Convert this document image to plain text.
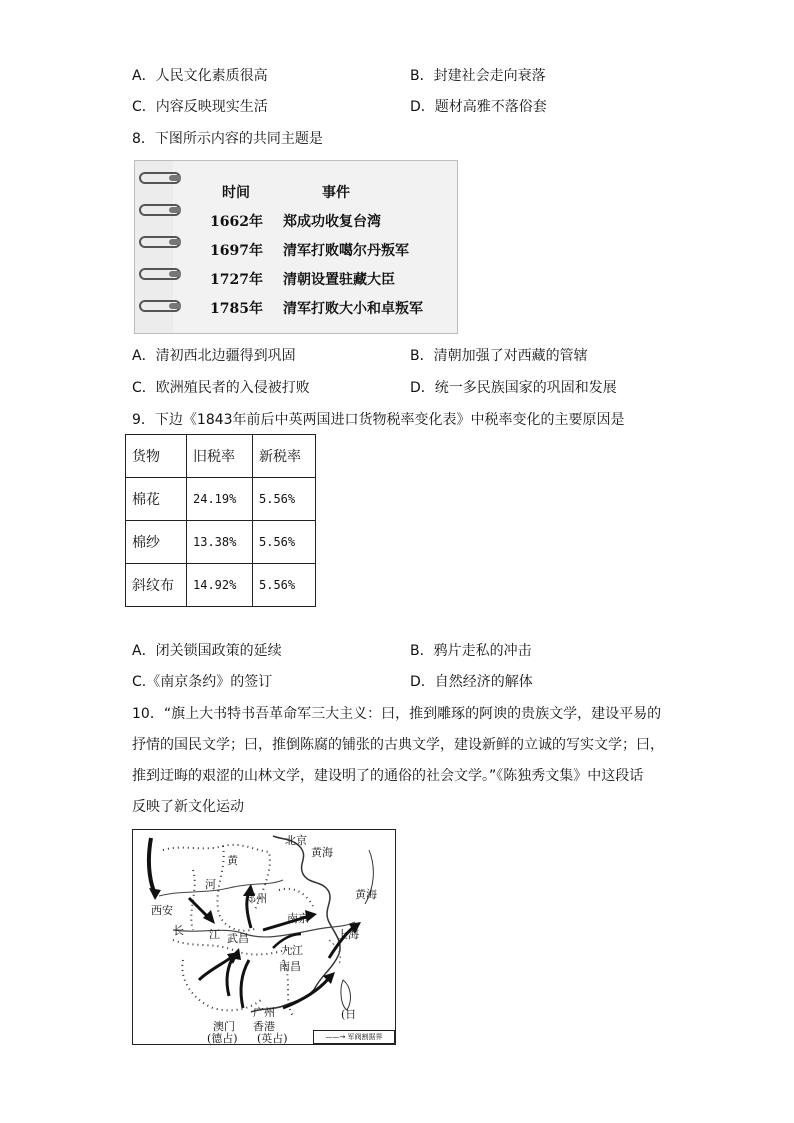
A．人民文化素质很高	B．封建社会走向衰落
C．内容反映现实生活	D．题材高雅不落俗套
8．下图所示内容的共同主题是
时间	事件
1662年 郑成功收复台湾
1697年 清军打败噶尔丹叛军
1727年 清朝设置驻藏大臣
1785年 清军打败大小和卓叛军
A．清初西北边疆得到巩固	B．清朝加强了对西藏的管辖
C．欧洲殖民者的入侵被打败	D．统一多民族国家的巩固和发展
9．下边《1843年前后中英两国进口货物税率变化表》中税率变化的主要原因是
货物	旧税率	新税率
棉花	24.19%	5.56%
棉纱	13.38%	5.56%
斜纹布	14.92%	5.56%
A．闭关锁国政策的延续	B．鸦片走私的冲击
C.《南京条约》的签订	D．自然经济的解体
10．“旗上大书特书吾革命军三大主义：曰，推到雕琢的阿谀的贵族文学，建设平易的
抒情的国民文学；曰，推倒陈腐的铺张的古典文学，建设新鲜的立诚的写实文学；曰，
推到迂晦的艰涩的山林文学，建设明了的通俗的社会文学。”《陈独秀文集》中这段话
反映了新文化运动
北京
黄
黄海
河
黄海
西安
郑州
南京
长 江 武昌	上海
九江
南昌
广州	(日
澳门 香港
(德占) (英占)	——→ 军阀割据界
